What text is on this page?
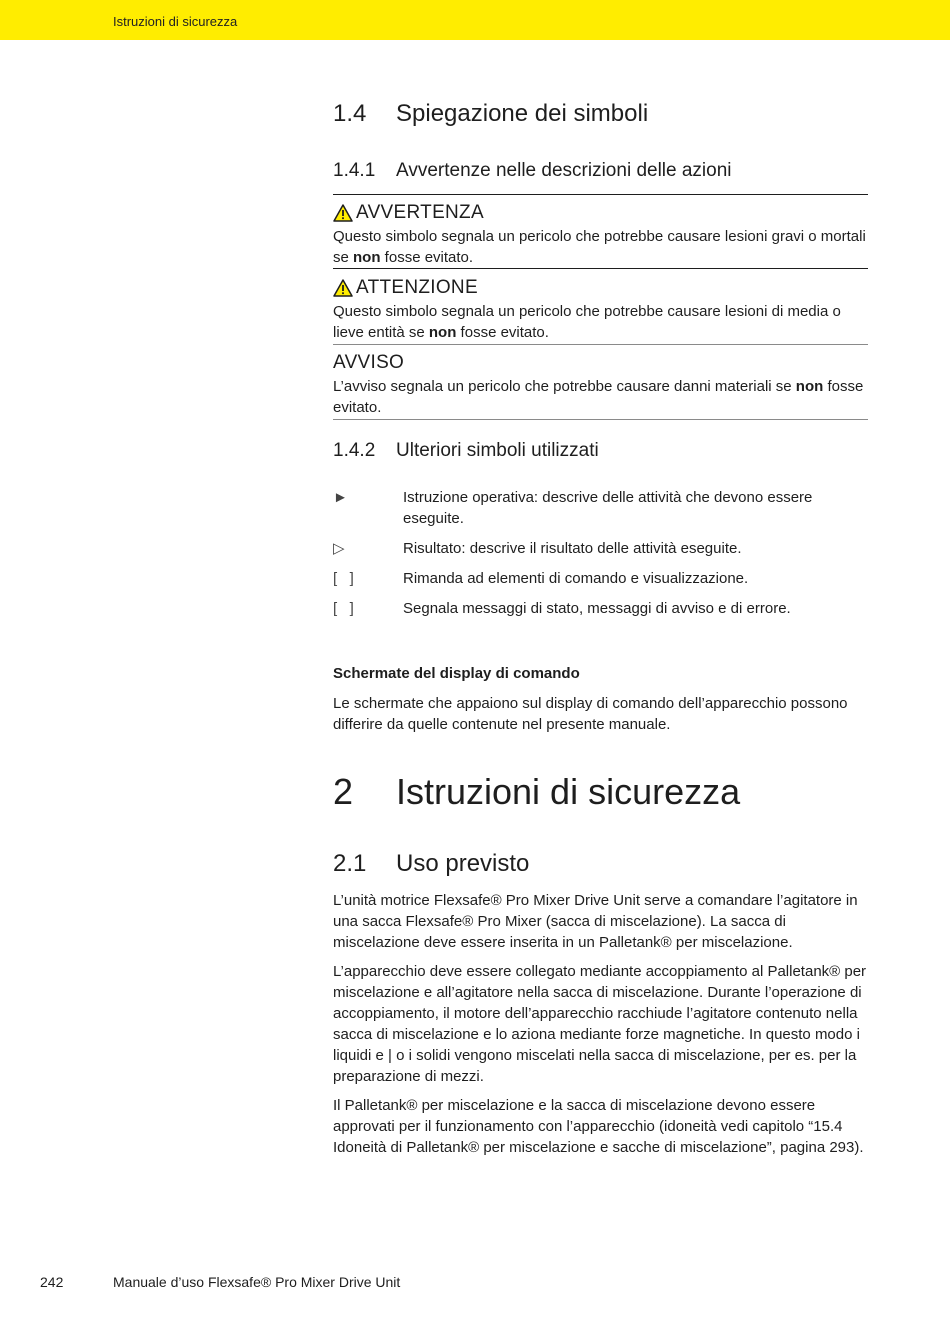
Istruzioni di sicurezza
1.4 Spiegazione dei simboli
1.4.1 Avvertenze nelle descrizioni delle azioni
AVVERTENZA
Questo simbolo segnala un pericolo che potrebbe causare lesioni gravi o mortali se non fosse evitato.
ATTENZIONE
Questo simbolo segnala un pericolo che potrebbe causare lesioni di media o lieve entità se non fosse evitato.
AVVISO
L’avviso segnala un pericolo che potrebbe causare danni materiali se non fosse evitato.
1.4.2 Ulteriori simboli utilizzati
►	Istruzione operativa: descrive delle attività che devono essere eseguite.
▷	Risultato: descrive il risultato delle attività eseguite.
[   ]	Rimanda ad elementi di comando e visualizzazione.
[   ]	Segnala messaggi di stato, messaggi di avviso e di errore.
Schermate del display di comando
Le schermate che appaiono sul display di comando dell’apparecchio possono differire da quelle contenute nel presente manuale.
2 Istruzioni di sicurezza
2.1 Uso previsto
L’unità motrice Flexsafe® Pro Mixer Drive Unit serve a comandare l’agitatore in una sacca Flexsafe® Pro Mixer (sacca di miscelazione). La sacca di miscelazione deve essere inserita in un Palletank® per miscelazione.
L’apparecchio deve essere collegato mediante accoppiamento al Palletank® per miscelazione e all’agitatore nella sacca di miscelazione. Durante l’operazione di accoppiamento, il motore dell’apparecchio racchiude l’agitatore contenuto nella sacca di miscelazione e lo aziona mediante forze magnetiche. In questo modo i liquidi e | o i solidi vengono miscelati nella sacca di miscelazione, per es. per la preparazione di mezzi.
Il Palletank® per miscelazione e la sacca di miscelazione devono essere approvati per il funzionamento con l’apparecchio (idoneità vedi capitolo “15.4 Idoneità di Palletank® per miscelazione e sacche di miscelazione”, pagina 293).
242	Manuale d’uso Flexsafe® Pro Mixer Drive Unit
